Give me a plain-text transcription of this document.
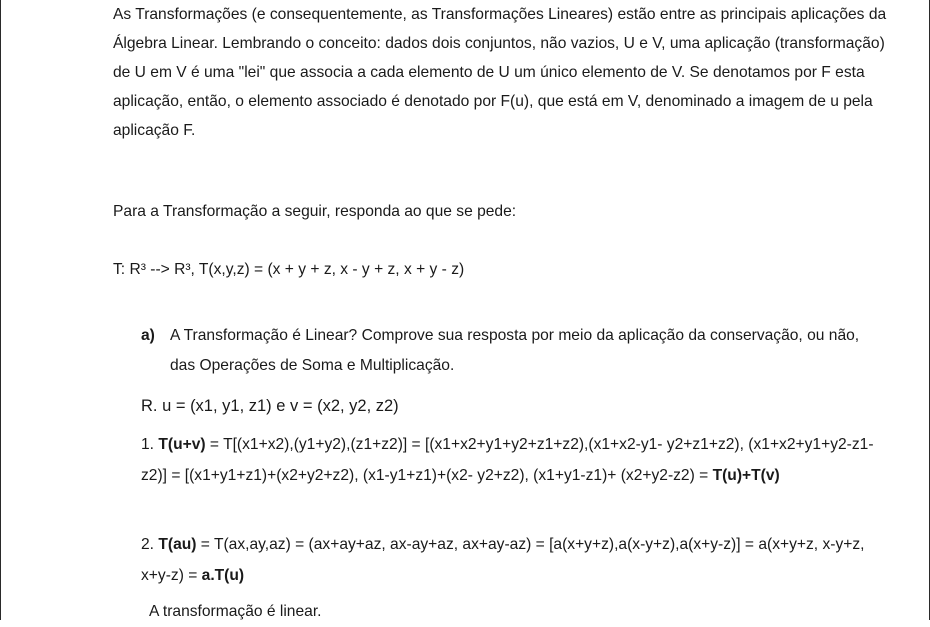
As Transformações (e consequentemente, as Transformações Lineares) estão entre as principais aplicações da Álgebra Linear. Lembrando o conceito: dados dois conjuntos, não vazios, U e V, uma aplicação (transformação) de U em V é uma "lei" que associa a cada elemento de U um único elemento de V. Se denotamos por F esta aplicação, então, o elemento associado é denotado por F(u), que está em V, denominado a imagem de u pela aplicação F.

Para a Transformação a seguir, responda ao que se pede:

T: R³ --> R³, T(x,y,z) = (x + y + z, x - y + z, x + y - z)

a) A Transformação é Linear? Comprove sua resposta por meio da aplicação da conservação, ou não, das Operações de Soma e Multiplicação.
R. u = (x1, y1, z1) e v = (x2, y2, z2)
1. T(u+v) = T[(x1+x2),(y1+y2),(z1+z2)] = [(x1+x2+y1+y2+z1+z2),(x1+x2-y1- y2+z1+z2), (x1+x2+y1+y2-z1-z2)] = [(x1+y1+z1)+(x2+y2+z2), (x1-y1+z1)+(x2- y2+z2), (x1+y1-z1)+ (x2+y2-z2) = T(u)+T(v)
2. T(au) = T(ax,ay,az) = (ax+ay+az, ax-ay+az, ax+ay-az) = [a(x+y+z),a(x-y+z),a(x+y-z)] = a(x+y+z, x-y+z, x+y-z) = a.T(u)
A transformação é linear.
